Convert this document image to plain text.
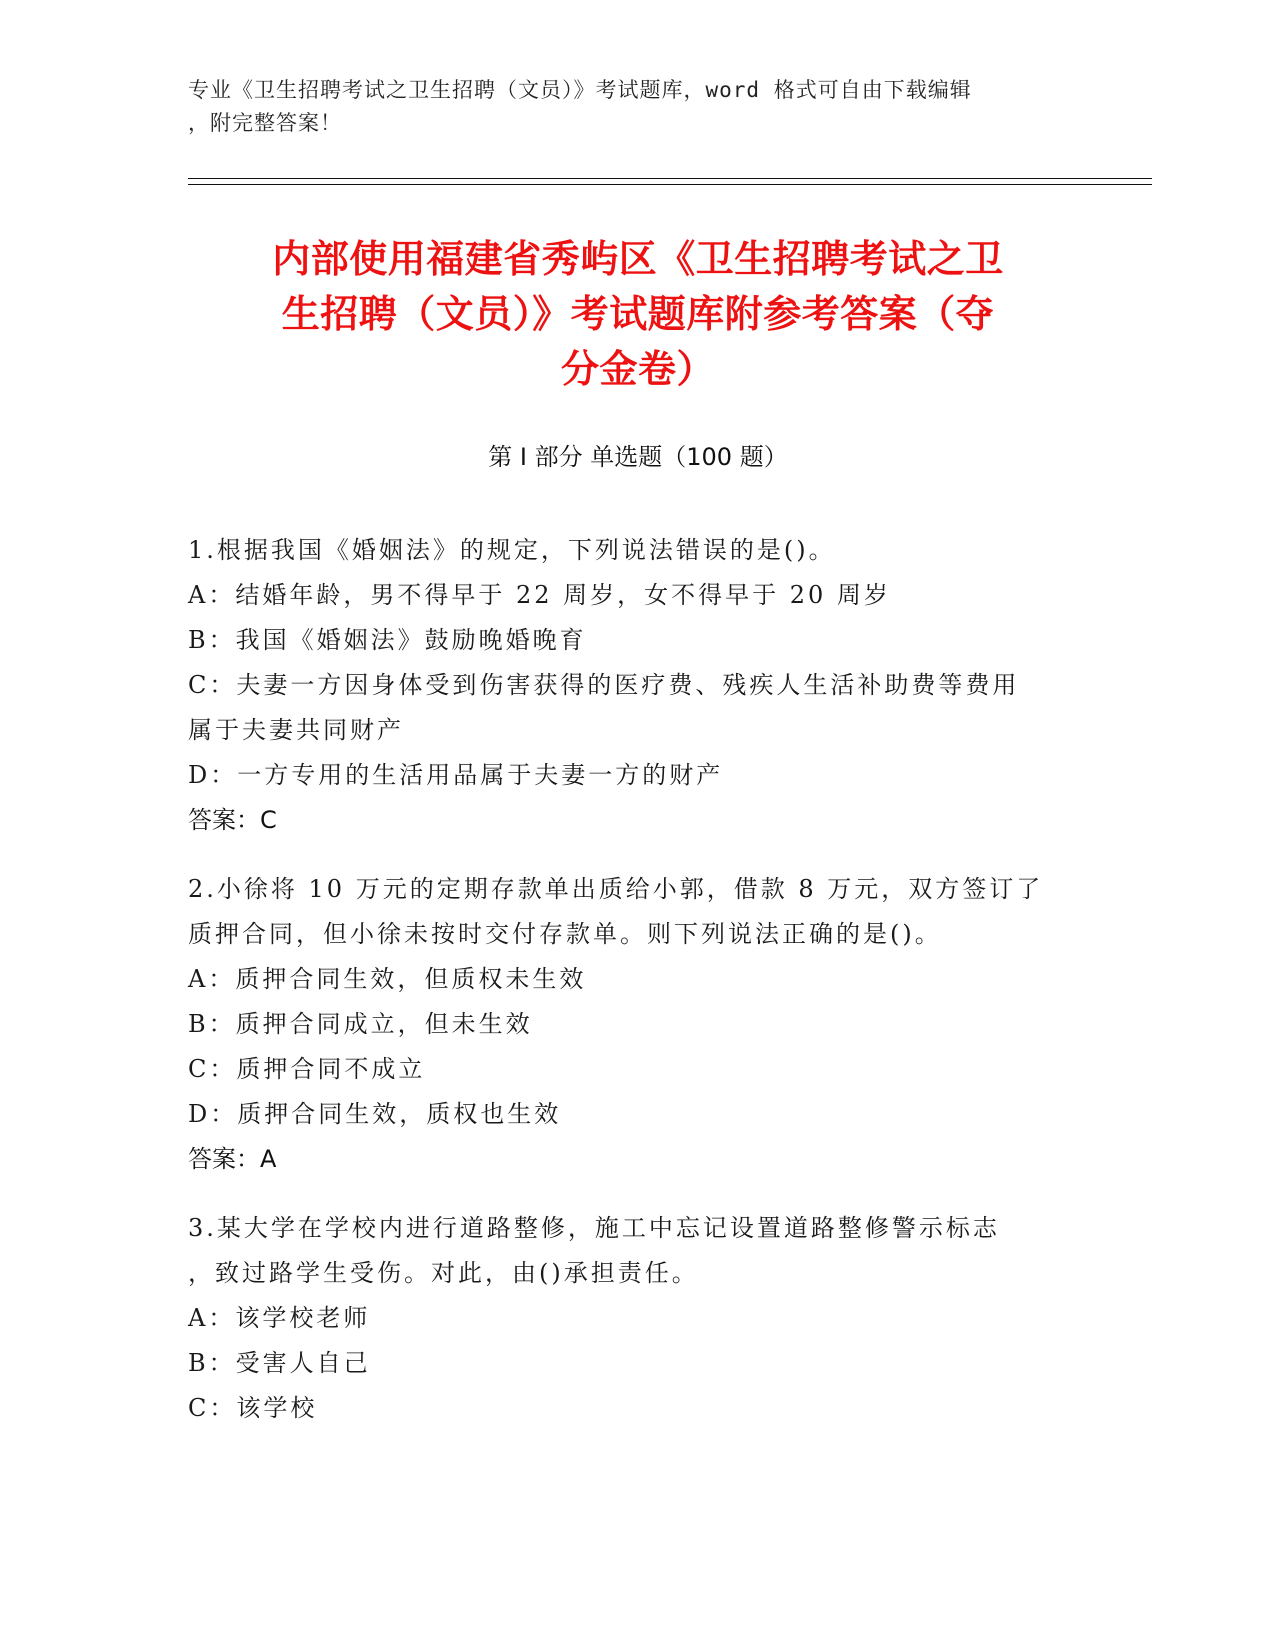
专业《卫生招聘考试之卫生招聘（文员）》考试题库，word 格式可自由下载编辑
，附完整答案！
内部使用福建省秀屿区《卫生招聘考试之卫
生招聘（文员）》考试题库附参考答案（夺
分金卷）
第 I 部分 单选题（100 题）
1.根据我国《婚姻法》的规定，下列说法错误的是()。
A：结婚年龄，男不得早于 22 周岁，女不得早于 20 周岁
B：我国《婚姻法》鼓励晚婚晚育
C：夫妻一方因身体受到伤害获得的医疗费、残疾人生活补助费等费用
属于夫妻共同财产
D：一方专用的生活用品属于夫妻一方的财产
答案：C
2.小徐将 10 万元的定期存款单出质给小郭，借款 8 万元，双方签订了
质押合同，但小徐未按时交付存款单。则下列说法正确的是()。
A：质押合同生效，但质权未生效
B：质押合同成立，但未生效
C：质押合同不成立
D：质押合同生效，质权也生效
答案：A
3.某大学在学校内进行道路整修，施工中忘记设置道路整修警示标志
，致过路学生受伤。对此，由()承担责任。
A：该学校老师
B：受害人自己
C：该学校
